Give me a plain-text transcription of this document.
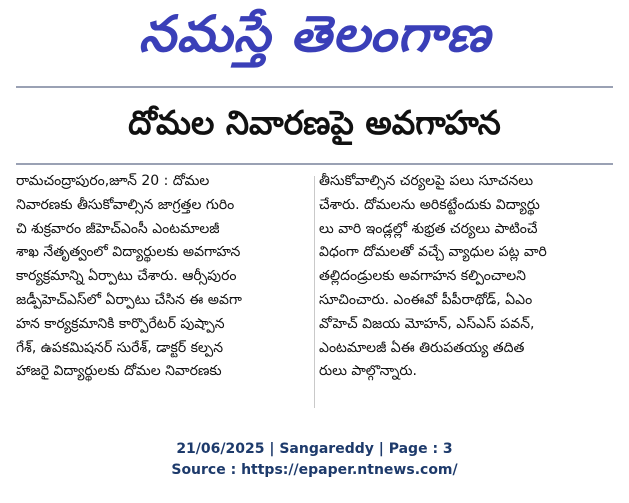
నమస్తే తెలంగాణ
దోమల నివారణపై అవగాహన
రామచంద్రాపురం,జూన్ 20 : దోమల
నివారణకు తీసుకోవాల్సిన జాగ్రత్తల గురిం
చి శుక్రవారం జీహెచ్‌ఎంసీ ఎంటమాలజీ
శాఖ నేతృత్వంలో విద్యార్థులకు అవగాహన
కార్యక్రమాన్ని ఏర్పాటు చేశారు. ఆర్సీపురం
జడ్పీహెచ్ఎస్‌లో ఏర్పాటు చేసిన ఈ అవగా
హన కార్యక్రమానికి కార్పొరేటర్ పుష్పాన
గేశ్, ఉపకమిషనర్ సురేశ్, డాక్టర్ కల్పన
హాజరై విద్యార్థులకు దోమల నివారణకు
తీసుకోవాల్సిన చర్యలపై పలు సూచనలు
చేశారు. దోమలను అరికట్టేందుకు విద్యార్థు
లు వారి ఇండ్లల్లో శుభ్రత చర్యలు పాటించే
విధంగా దోమలతో వచ్చే వ్యాధుల పట్ల వారి
తల్లిదండ్రులకు అవగాహన కల్పించాలని
సూచించారు. ఎంఈవో పీపీరాథోడ్, ఏఎం
వోహెచ్ విజయ మోహన్, ఎస్ఎస్ పవన్,
ఎంటమాలజీ ఏఈ తిరుపతయ్య తదిత
రులు పాల్గొన్నారు.
21/06/2025 | Sangareddy | Page : 3
Source : https://epaper.ntnews.com/
